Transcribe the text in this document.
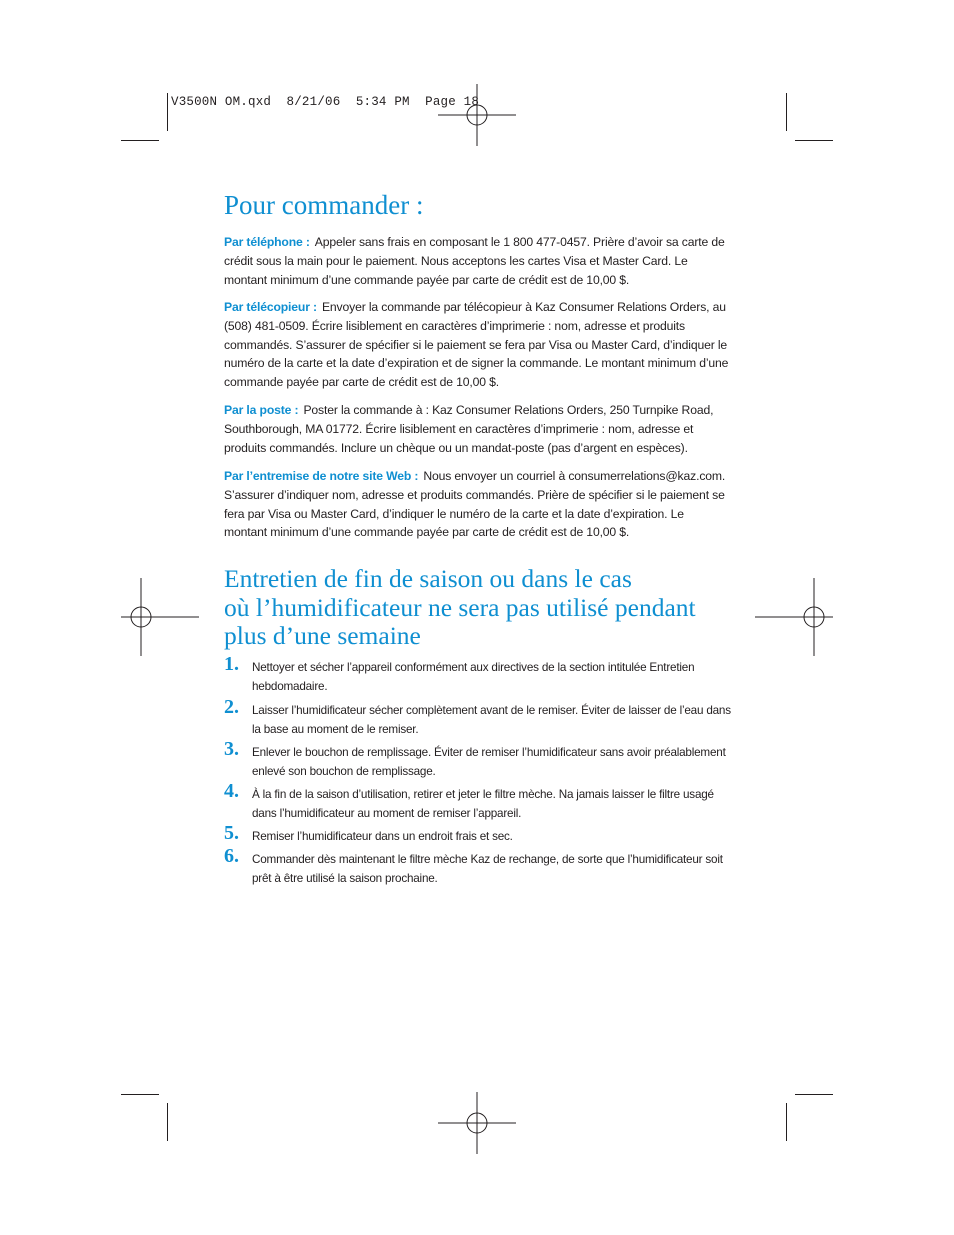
V3500N OM.qxd  8/21/06  5:34 PM  Page 18
Pour commander :

Par téléphone : Appeler sans frais en composant le 1 800 477-0457. Prière d’avoir sa carte de crédit sous la main pour le paiement. Nous acceptons les cartes Visa et Master Card. Le montant minimum d’une commande payée par carte de crédit est de 10,00 $.

Par télécopieur : Envoyer la commande par télécopieur à Kaz Consumer Relations Orders, au (508) 481-0509. Écrire lisiblement en caractères d’imprimerie : nom, adresse et produits commandés. S’assurer de spécifier si le paiement se fera par Visa ou Master Card, d’indiquer le numéro de la carte et la date d’expiration et de signer la commande. Le montant minimum d’une commande payée par carte de crédit est de 10,00 $.

Par la poste : Poster la commande à : Kaz Consumer Relations Orders, 250 Turnpike Road, Southborough, MA 01772. Écrire lisiblement en caractères d’imprimerie : nom, adresse et produits commandés. Inclure un chèque ou un mandat-poste (pas d’argent en espèces).

Par l’entremise de notre site Web : Nous envoyer un courriel à consumerrelations@kaz.com. S’assurer d’indiquer nom, adresse et produits commandés. Prière de spécifier si le paiement se fera par Visa ou Master Card, d’indiquer le numéro de la carte et la date d’expiration. Le montant minimum d’une commande payée par carte de crédit est de 10,00 $.

Entretien de fin de saison ou dans le cas
où l’humidificateur ne sera pas utilisé pendant
plus d’une semaine
1. Nettoyer et sécher l’appareil conformément aux directives de la section intitulée Entretien hebdomadaire.
2. Laisser l’humidificateur sécher complètement avant de le remiser. Éviter de laisser de l’eau dans la base au moment de le remiser.
3. Enlever le bouchon de remplissage. Éviter de remiser l’humidificateur sans avoir préalablement enlevé son bouchon de remplissage.
4. À la fin de la saison d’utilisation, retirer et jeter le filtre mèche. Na jamais laisser le filtre usagé dans l’humidificateur au moment de remiser l’appareil.
5. Remiser l’humidificateur dans un endroit frais et sec.
6. Commander dès maintenant le filtre mèche Kaz de rechange, de sorte que l’humidificateur soit prêt à être utilisé la saison prochaine.
